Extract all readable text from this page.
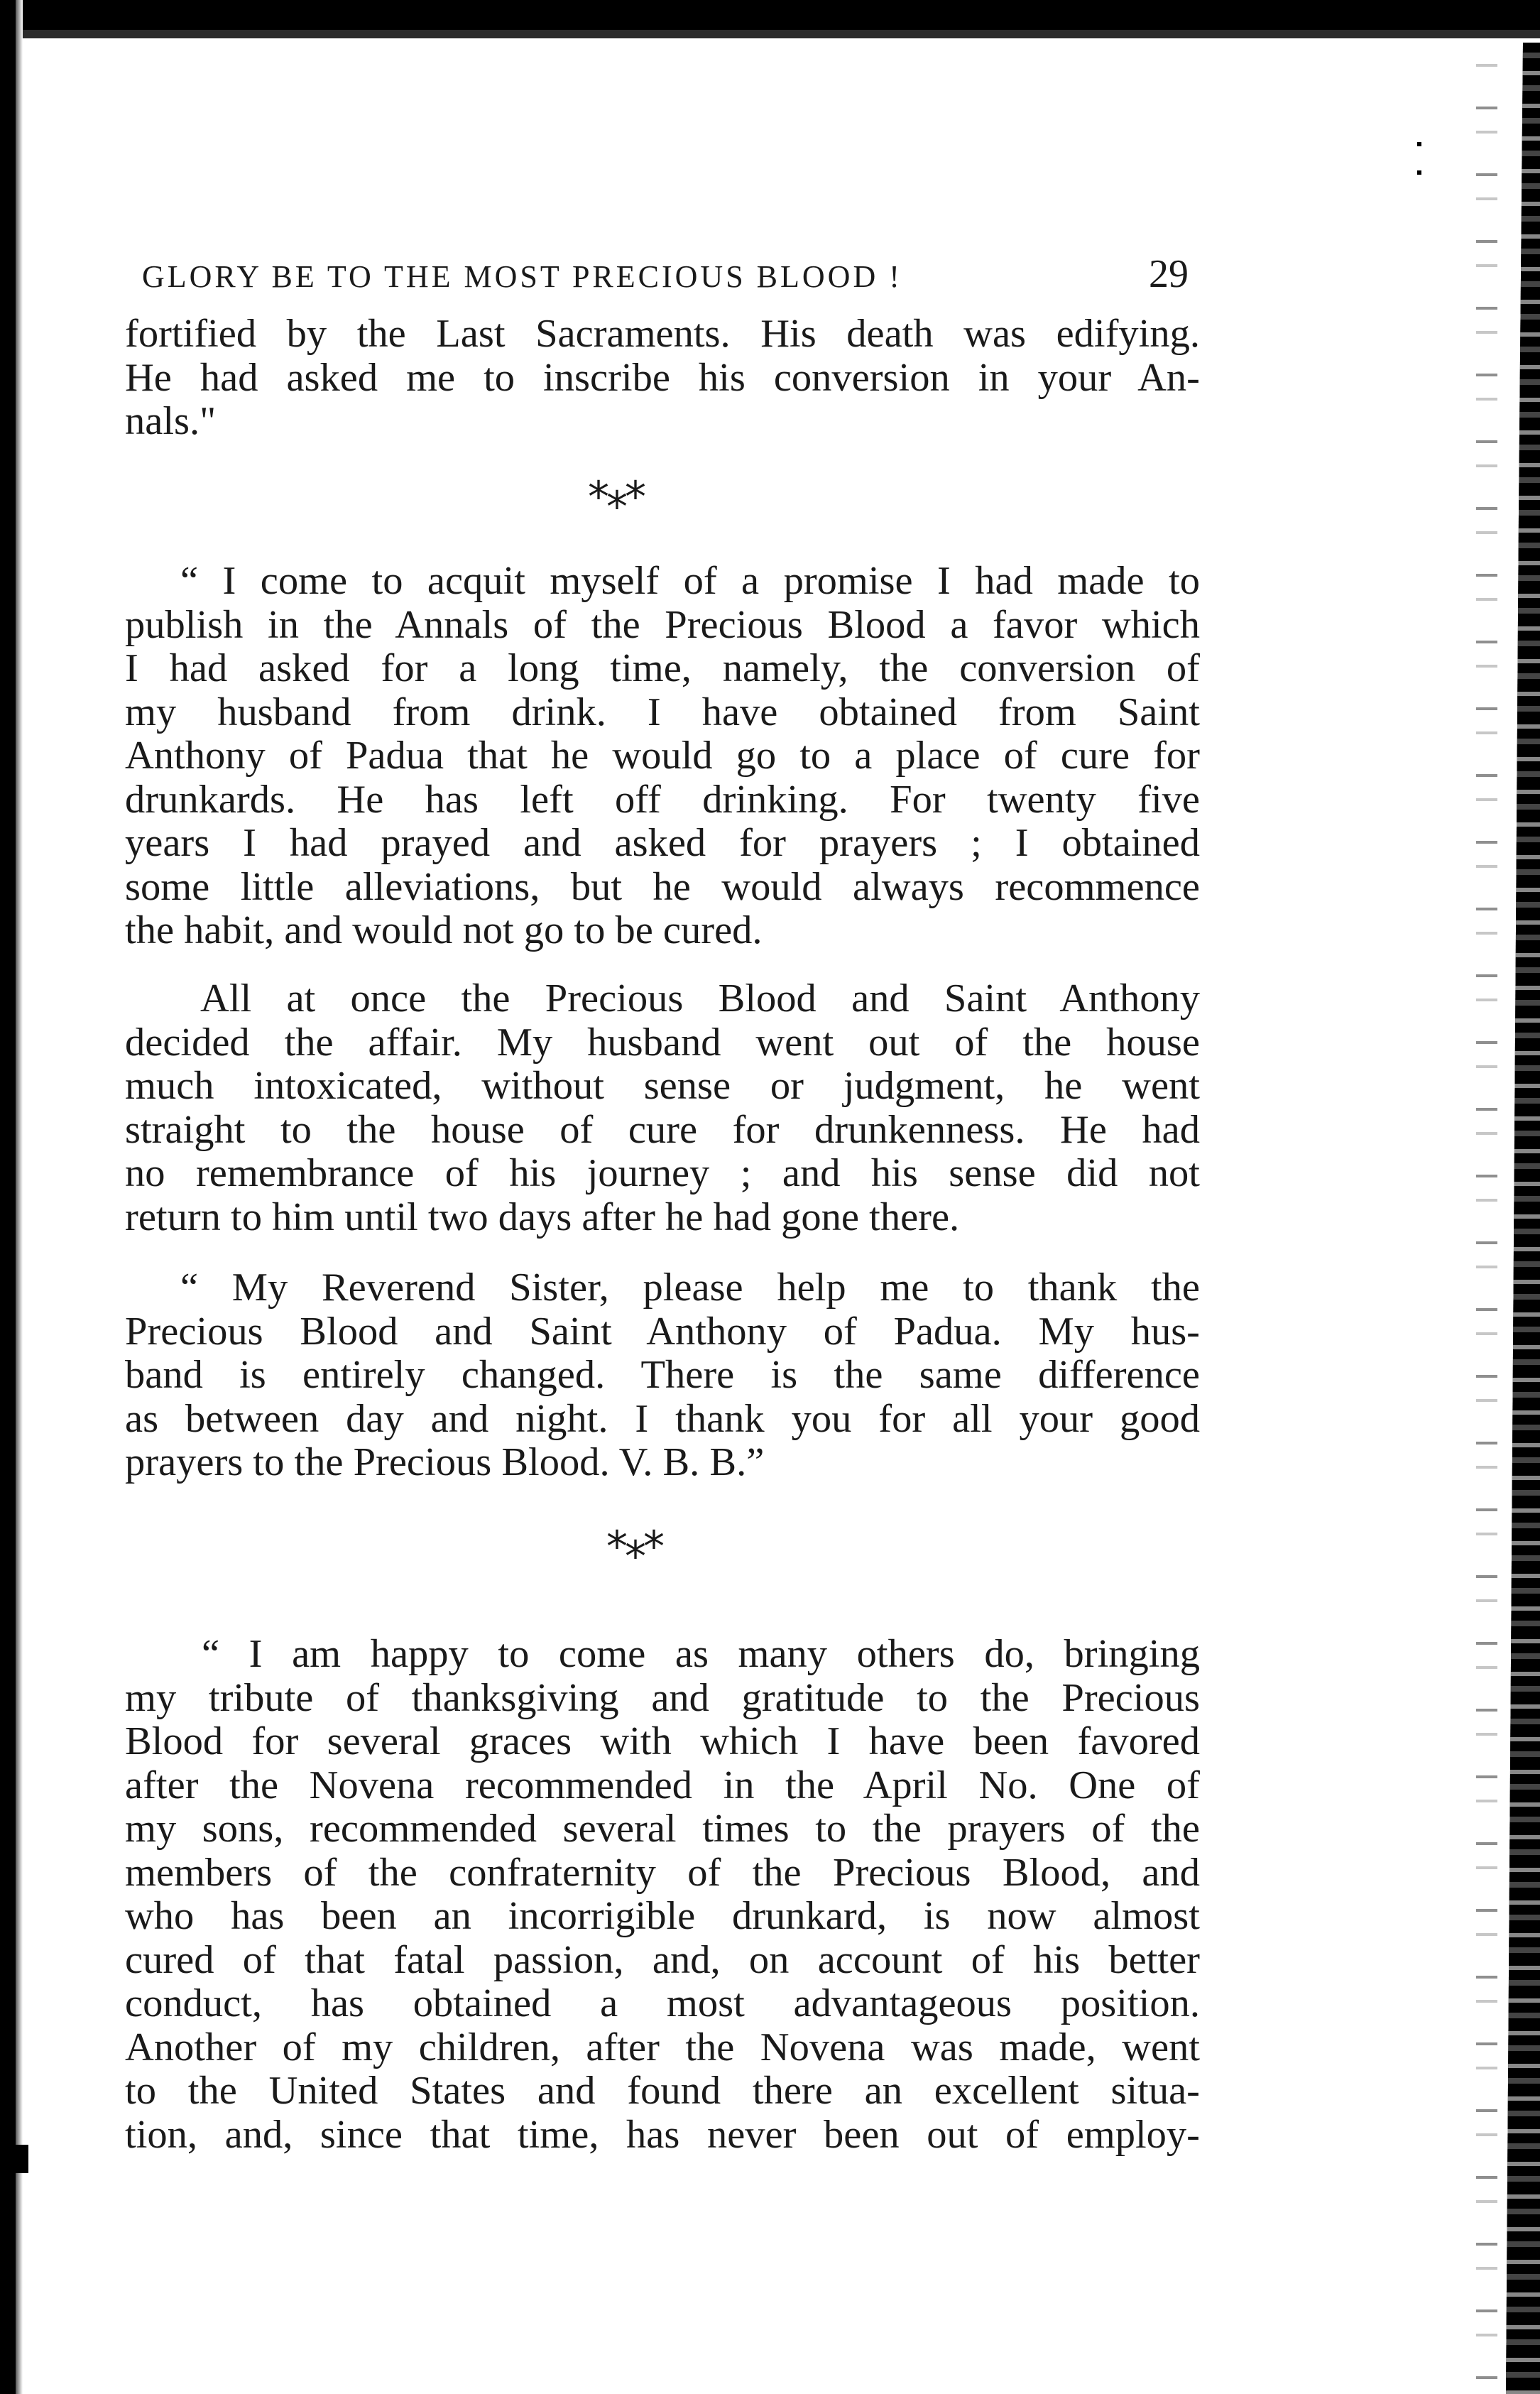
GLORY BE TO THE MOST PRECIOUS BLOOD !	29

fortified by the Last Sacraments. His death was edifying.
He had asked me to inscribe his conversion in your An-
nals."

***

“ I come to acquit myself of a promise I had made to
publish in the Annals of the Precious Blood a favor which
I had asked for a long time, namely, the conversion of
my husband from drink. I have obtained from Saint
Anthony of Padua that he would go to a place of cure for
drunkards. He has left off drinking. For twenty five
years I had prayed and asked for prayers ; I obtained
some little alleviations, but he would always recommence
the habit, and would not go to be cured.

All at once the Precious Blood and Saint Anthony
decided the affair. My husband went out of the house
much intoxicated, without sense or judgment, he went
straight to the house of cure for drunkenness. He had
no remembrance of his journey ; and his sense did not
return to him until two days after he had gone there.

“ My Reverend Sister, please help me to thank the
Precious Blood and Saint Anthony of Padua. My hus-
band is entirely changed. There is the same difference
as between day and night. I thank you for all your good
prayers to the Precious Blood. V. B. B.”

***

“ I am happy to come as many others do, bringing
my tribute of thanksgiving and gratitude to the Precious
Blood for several graces with which I have been favored
after the Novena recommended in the April No. One of
my sons, recommended several times to the prayers of the
members of the confraternity of the Precious Blood, and
who has been an incorrigible drunkard, is now almost
cured of that fatal passion, and, on account of his better
conduct, has obtained a most advantageous position.
Another of my children, after the Novena was made, went
to the United States and found there an excellent situa-
tion, and, since that time, has never been out of employ-
